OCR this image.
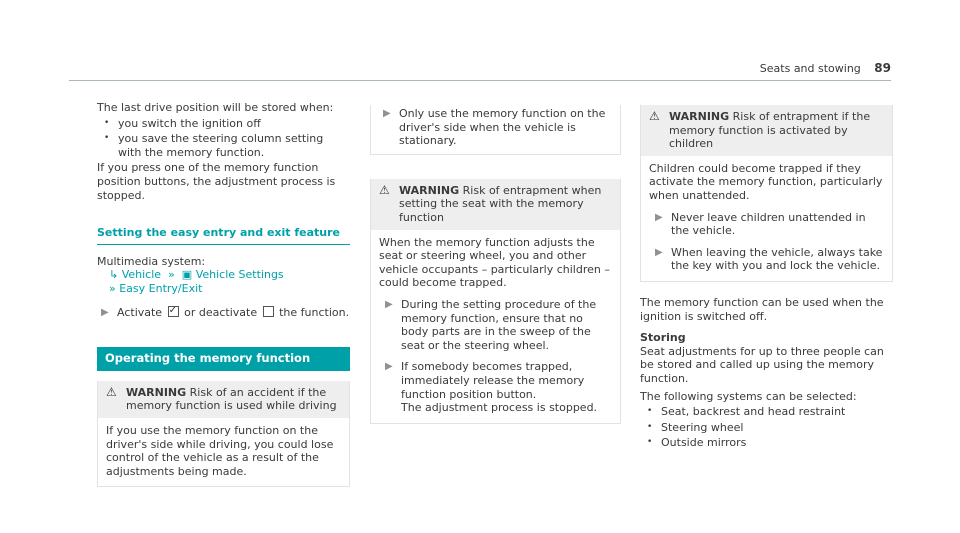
Seats and stowing 89

The last drive position will be stored when:

• you switch the ignition off
• you save the steering column setting with the memory function.

If you press one of the memory function position buttons, the adjustment process is stopped.

Setting the easy entry and exit feature

Multimedia system:

↳ Vehicle  »  ▣ Vehicle Settings

» Easy Entry/Exit

▶ Activate ✓ or deactivate the function.
Operating the memory function
⚠ WARNING Risk of an accident if the memory function is used while driving
If you use the memory function on the driver's side while driving, you could lose control of the vehicle as a result of the adjustments being made.
▶ Only use the memory function on the driver's side when the vehicle is stationary.
⚠ WARNING Risk of entrapment when setting the seat with the memory function

When the memory function adjusts the seat or steering wheel, you and other vehicle occupants – particularly children – could become trapped.

▶ During the setting procedure of the memory function, ensure that no body parts are in the sweep of the seat or the steering wheel.
▶ If somebody becomes trapped, immediately release the memory function position button.
The adjustment process is stopped.
⚠ WARNING Risk of entrapment if the memory function is activated by children

Children could become trapped if they activate the memory function, particularly when unattended.

▶ Never leave children unattended in the vehicle.
▶ When leaving the vehicle, always take the key with you and lock the vehicle.

The memory function can be used when the ignition is switched off.

Storing

Seat adjustments for up to three people can be stored and called up using the memory function.

The following systems can be selected:

• Seat, backrest and head restraint
• Steering wheel
• Outside mirrors
